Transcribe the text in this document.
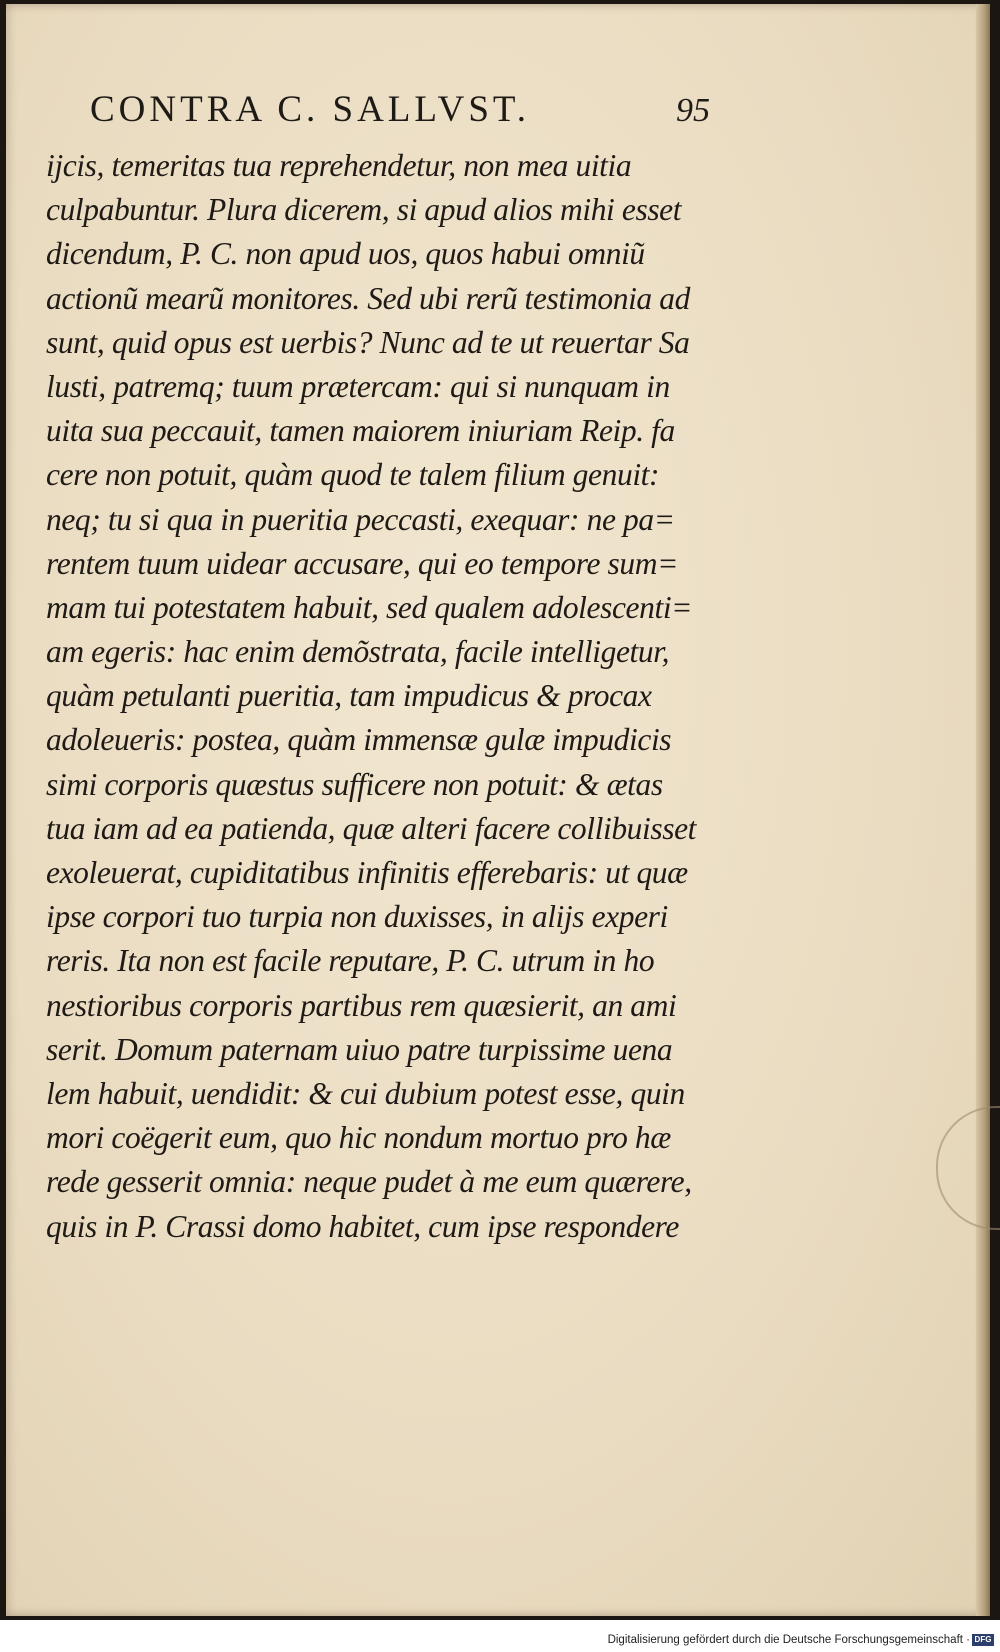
CONTRA C. SALLVST.	95
ijcis, temeritas tua reprehendetur, non mea uitia
culpabuntur. Plura dicerem, si apud alios mihi esset
dicendum, P. C. non apud uos, quos habui omniũ
actionũ mearũ monitores. Sed ubi rerũ testimonia ad
sunt, quid opus est uerbis? Nunc ad te ut reuertar Sa
lusti, patremq; tuum prætercam: qui si nunquam in
uita sua peccauit, tamen maiorem iniuriam Reip. fa
cere non potuit, quàm quod te talem filium genuit:
neq; tu si qua in pueritia peccasti, exequar: ne pa=
rentem tuum uidear accusare, qui eo tempore sum=
mam tui potestatem habuit, sed qualem adolescenti=
am egeris: hac enim demõstrata, facile intelligetur,
quàm petulanti pueritia, tam impudicus & procax
adoleueris: postea, quàm immensæ gulæ impudicis
simi corporis quæstus sufficere non potuit: & ætas
tua iam ad ea patienda, quæ alteri facere collibuisset
exoleuerat, cupiditatibus infinitis efferebaris: ut quæ
ipse corpori tuo turpia non duxisses, in alijs experi
reris. Ita non est facile reputare, P. C. utrum in ho
nestioribus corporis partibus rem quæsierit, an ami
serit. Domum paternam uiuo patre turpissime uena
lem habuit, uendidit: & cui dubium potest esse, quin
mori coëgerit eum, quo hic nondum mortuo pro hæ
rede gesserit omnia: neque pudet à me eum quærere,
quis in P. Crassi domo habitet, cum ipse respondere
Digitalisierung gefördert durch die Deutsche Forschungsgemeinschaft · DFG
